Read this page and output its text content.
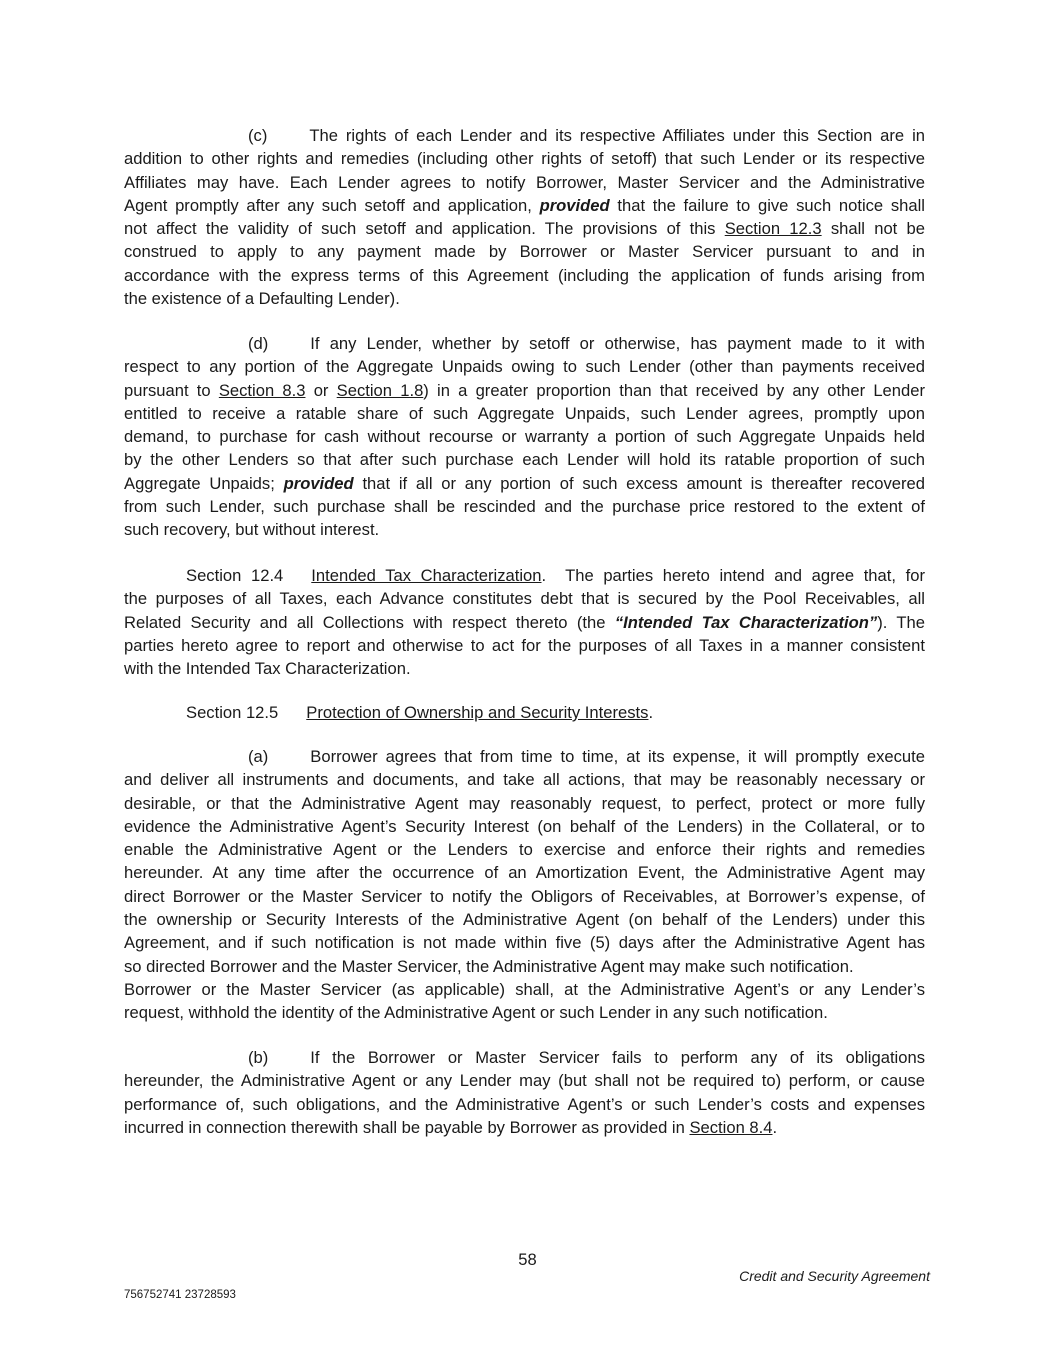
(c)	The rights of each Lender and its respective Affiliates under this Section are in
addition to other rights and remedies (including other rights of setoff) that such Lender or its respective
Affiliates may have. Each Lender agrees to notify Borrower, Master Servicer and the Administrative
Agent promptly after any such setoff and application, provided that the failure to give such notice shall
not affect the validity of such setoff and application. The provisions of this Section 12.3 shall not be
construed to apply to any payment made by Borrower or Master Servicer pursuant to and in
accordance with the express terms of this Agreement (including the application of funds arising from
the existence of a Defaulting Lender).
(d)	If any Lender, whether by setoff or otherwise, has payment made to it with
respect to any portion of the Aggregate Unpaids owing to such Lender (other than payments received
pursuant to Section 8.3 or Section 1.8) in a greater proportion than that received by any other Lender
entitled to receive a ratable share of such Aggregate Unpaids, such Lender agrees, promptly upon
demand, to purchase for cash without recourse or warranty a portion of such Aggregate Unpaids held
by the other Lenders so that after such purchase each Lender will hold its ratable proportion of such
Aggregate Unpaids; provided that if all or any portion of such excess amount is thereafter recovered
from such Lender, such purchase shall be rescinded and the purchase price restored to the extent of
such recovery, but without interest.
Section 12.4 Intended Tax Characterization.  The parties hereto intend and agree that, for
the purposes of all Taxes, each Advance constitutes debt that is secured by the Pool Receivables, all
Related Security and all Collections with respect thereto (the “Intended Tax Characterization”). The
parties hereto agree to report and otherwise to act for the purposes of all Taxes in a manner consistent
with the Intended Tax Characterization.
Section 12.5 Protection of Ownership and Security Interests.
(a)	Borrower agrees that from time to time, at its expense, it will promptly execute
and deliver all instruments and documents, and take all actions, that may be reasonably necessary or
desirable, or that the Administrative Agent may reasonably request, to perfect, protect or more fully
evidence the Administrative Agent’s Security Interest (on behalf of the Lenders) in the Collateral, or to
enable the Administrative Agent or the Lenders to exercise and enforce their rights and remedies
hereunder. At any time after the occurrence of an Amortization Event, the Administrative Agent may
direct Borrower or the Master Servicer to notify the Obligors of Receivables, at Borrower’s expense, of
the ownership or Security Interests of the Administrative Agent (on behalf of the Lenders) under this
Agreement, and if such notification is not made within five (5) days after the Administrative Agent has
so directed Borrower and the Master Servicer, the Administrative Agent may make such notification.
Borrower or the Master Servicer (as applicable) shall, at the Administrative Agent’s or any Lender’s
request, withhold the identity of the Administrative Agent or such Lender in any such notification.
(b)	If the Borrower or Master Servicer fails to perform any of its obligations
hereunder, the Administrative Agent or any Lender may (but shall not be required to) perform, or cause
performance of, such obligations, and the Administrative Agent’s or such Lender’s costs and expenses
incurred in connection therewith shall be payable by Borrower as provided in Section 8.4.
58
Credit and Security Agreement
756752741 23728593
